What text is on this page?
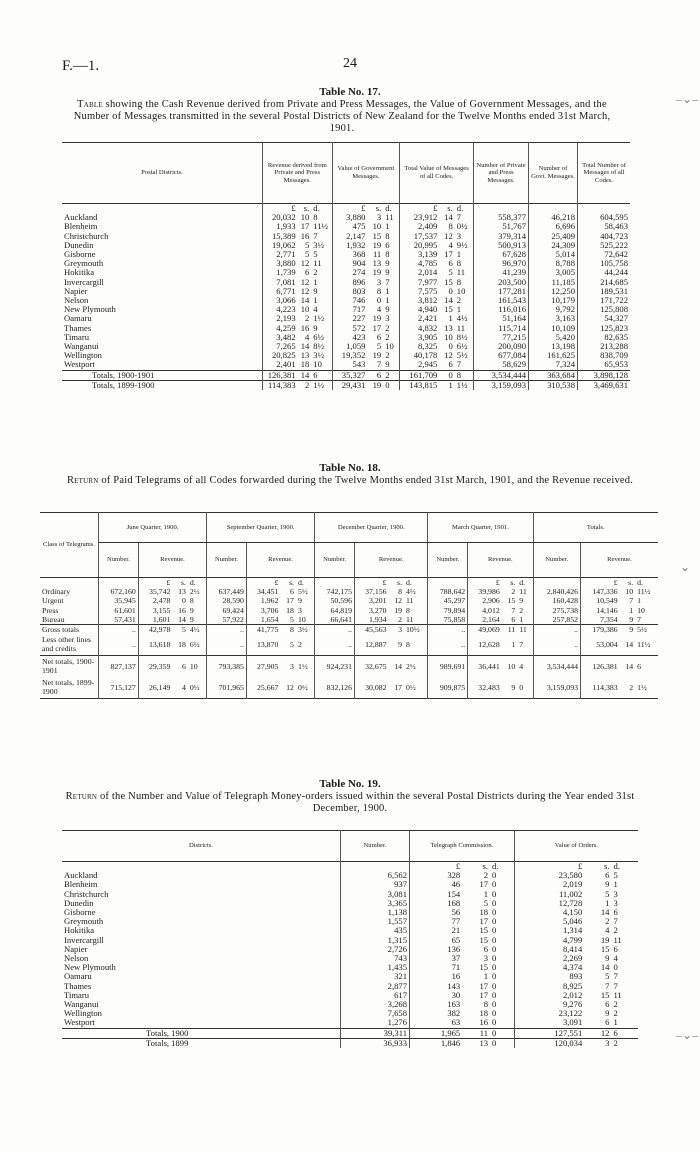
F.—1.	24
Table No. 17.
Table showing the Cash Revenue derived from Private and Press Messages, the Value of Government Messages, and the Number of Messages transmitted in the several Postal Districts of New Zealand for the Twelve Months ended 31st March, 1901.
Postal Districts.	Revenue derived from Private and Press Messages.			Value of Government Messages.			Total Value of Messages of all Codes.			Number of Private and Press Messages.	Number of Govt. Messages.	Total Number of Messages of all Codes.
	£	s.	d.	£	s.	d.	£	s.	d.			
Auckland	20,032	10	8	3,880	3	11	23,912	14	7	558,377	46,218	604,595
Blenheim	1,933	17	11½	475	10	1	2,409	8	0½	51,767	6,696	58,463
Christchurch	15,389	16	7	2,147	15	8	17,537	12	3	379,314	25,409	404,723
Dunedin	19,062	5	3½	1,932	19	6	20,995	4	9½	500,913	24,309	525,222
Gisborne	2,771	5	5	368	11	8	3,139	17	1	67,628	5,014	72,642
Greymouth	3,880	12	11	904	13	9	4,785	6	8	96,970	8,788	105,758
Hokitika	1,739	6	2	274	19	9	2,014	5	11	41,239	3,005	44,244
Invercargill	7,081	12	1	896	3	7	7,977	15	8	203,500	11,185	214,685
Napier	6,771	12	9	803	8	1	7,575	0	10	177,281	12,250	189,531
Nelson	3,066	14	1	746	0	1	3,812	14	2	161,543	10,179	171,722
New Plymouth	4,223	10	4	717	4	9	4,940	15	1	116,016	9,792	125,808
Oamaru	2,193	2	1½	227	19	3	2,421	1	4½	51,164	3,163	54,327
Thames	4,259	16	9	572	17	2	4,832	13	11	115,714	10,109	125,823
Timaru	3,482	4	6½	423	6	2	3,905	10	8½	77,215	5,420	82,635
Wanganui	7,265	14	8½	1,059	5	10	8,325	0	6½	200,090	13,198	213,288
Wellington	20,825	13	3½	19,352	19	2	40,178	12	5½	677,084	161,625	838,709
Westport	2,401	18	10	543	7	9	2,945	6	7	58,629	7,324	65,953
Totals, 1900-1901	126,381	14	6	35,327	6	2	161,709	0	8	3,534,444	363,684	3,898,128
Totals, 1899-1900	114,383	2	1½	29,431	19	0	143,815	1	1½	3,159,093	310,538	3,469,631
Table No. 18.
Return of Paid Telegrams of all Codes forwarded during the Twelve Months ended 31st March, 1901, and the Revenue received.
Class of Telegrams.	June Quarter, 1900.				September Quarter, 1900.				December Quarter, 1900.				March Quarter, 1901.				Totals.			
	Number.	Revenue.			Number.	Revenue.			Number.	Revenue.			Number.	Revenue.			Number.	Revenue.		
		£	s.	d.		£	s.	d.		£	s.	d.		£	s.	d.		£	s.	d.
Ordinary	672,160	35,742	13	2½	637,449	34,451	6	5½	742,175	37,156	8	4½	788,642	39,986	2	11	2,840,426	147,336	10	11½
Urgent	35,945	2,478	0	8	28,590	1,962	17	9	50,596	3,201	12	11	45,297	2,906	15	9	160,428	10,549	7	1
Press	61,601	3,155	16	9	69,424	3,706	18	3	64,819	3,270	19	8	79,894	4,012	7	2	275,738	14,146	1	10
Bureau	57,431	1,601	14	9	57,922	1,654	5	10	66,641	1,934	2	11	75,858	2,164	6	1	257,852	7,354	9	7
Gross totals	..	42,978	5	4½	..	41,775	8	3½	..	45,563	3	10½	..	49,069	11	11	..	179,386	9	5½
Less other lines and credits	..	13,618	18	6½	..	13,870	5	2	..	12,887	9	8	..	12,628	1	7	..	53,004	14	11½
Net totals, 1900-1901	827,137	29,359	6	10	793,385	27,905	3	1½	924,231	32,675	14	2½	989,691	36,441	10	4	3,534,444	126,381	14	6
Net totals, 1899-1900	715,127	26,149	4	0½	701,965	25,667	12	0½	832,126	30,082	17	0½	909,875	32,483	9	0	3,159,093	114,383	2	1½
Table No. 19.
Return of the Number and Value of Telegraph Money-orders issued within the several Postal Districts during the Year ended 31st December, 1900.
Districts.	Number.	Telegraph Commission.			Value of Orders.		
		£	s.	d.	£	s.	d.
Auckland	6,562	328	2	0	23,580	6	5
Blenheim	937	46	17	0	2,019	9	1
Christchurch	3,081	154	1	0	11,002	5	3
Dunedin	3,365	168	5	0	12,728	1	3
Gisborne	1,138	56	18	0	4,150	14	6
Greymouth	1,557	77	17	0	5,046	2	7
Hokitika	435	21	15	0	1,314	4	2
Invercargill	1,315	65	15	0	4,799	19	11
Napier	2,726	136	6	0	8,414	15	6
Nelson	743	37	3	0	2,269	9	4
New Plymouth	1,435	71	15	0	4,374	14	0
Oamaru	321	16	1	0	893	5	7
Thames	2,877	143	17	0	8,925	7	7
Timaru	617	30	17	0	2,012	15	11
Wanganui	3,268	163	8	0	9,276	6	2
Wellington	7,658	382	18	0	23,122	9	2
Westport	1,276	63	16	0	3,091	6	1
Totals, 1900	39,311	1,965	11	0	127,551	12	6
Totals, 1899	36,933	1,846	13	0	120,034	3	2
–⌄–
⌄
–⌄–
